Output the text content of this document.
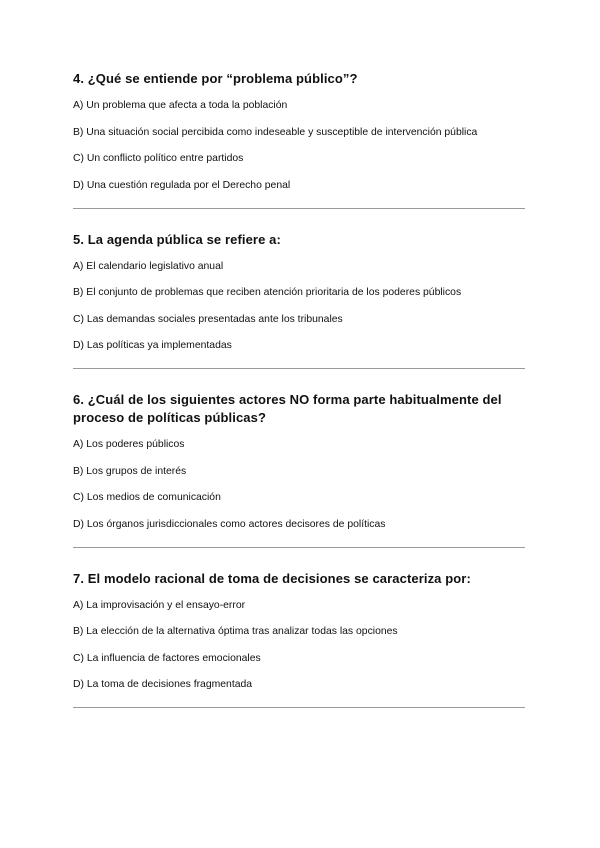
4. ¿Qué se entiende por “problema público”?
A) Un problema que afecta a toda la población
B) Una situación social percibida como indeseable y susceptible de intervención pública
C) Un conflicto político entre partidos
D) Una cuestión regulada por el Derecho penal
5. La agenda pública se refiere a:
A) El calendario legislativo anual
B) El conjunto de problemas que reciben atención prioritaria de los poderes públicos
C) Las demandas sociales presentadas ante los tribunales
D) Las políticas ya implementadas
6. ¿Cuál de los siguientes actores NO forma parte habitualmente del proceso de políticas públicas?
A) Los poderes públicos
B) Los grupos de interés
C) Los medios de comunicación
D) Los órganos jurisdiccionales como actores decisores de políticas
7. El modelo racional de toma de decisiones se caracteriza por:
A) La improvisación y el ensayo-error
B) La elección de la alternativa óptima tras analizar todas las opciones
C) La influencia de factores emocionales
D) La toma de decisiones fragmentada
